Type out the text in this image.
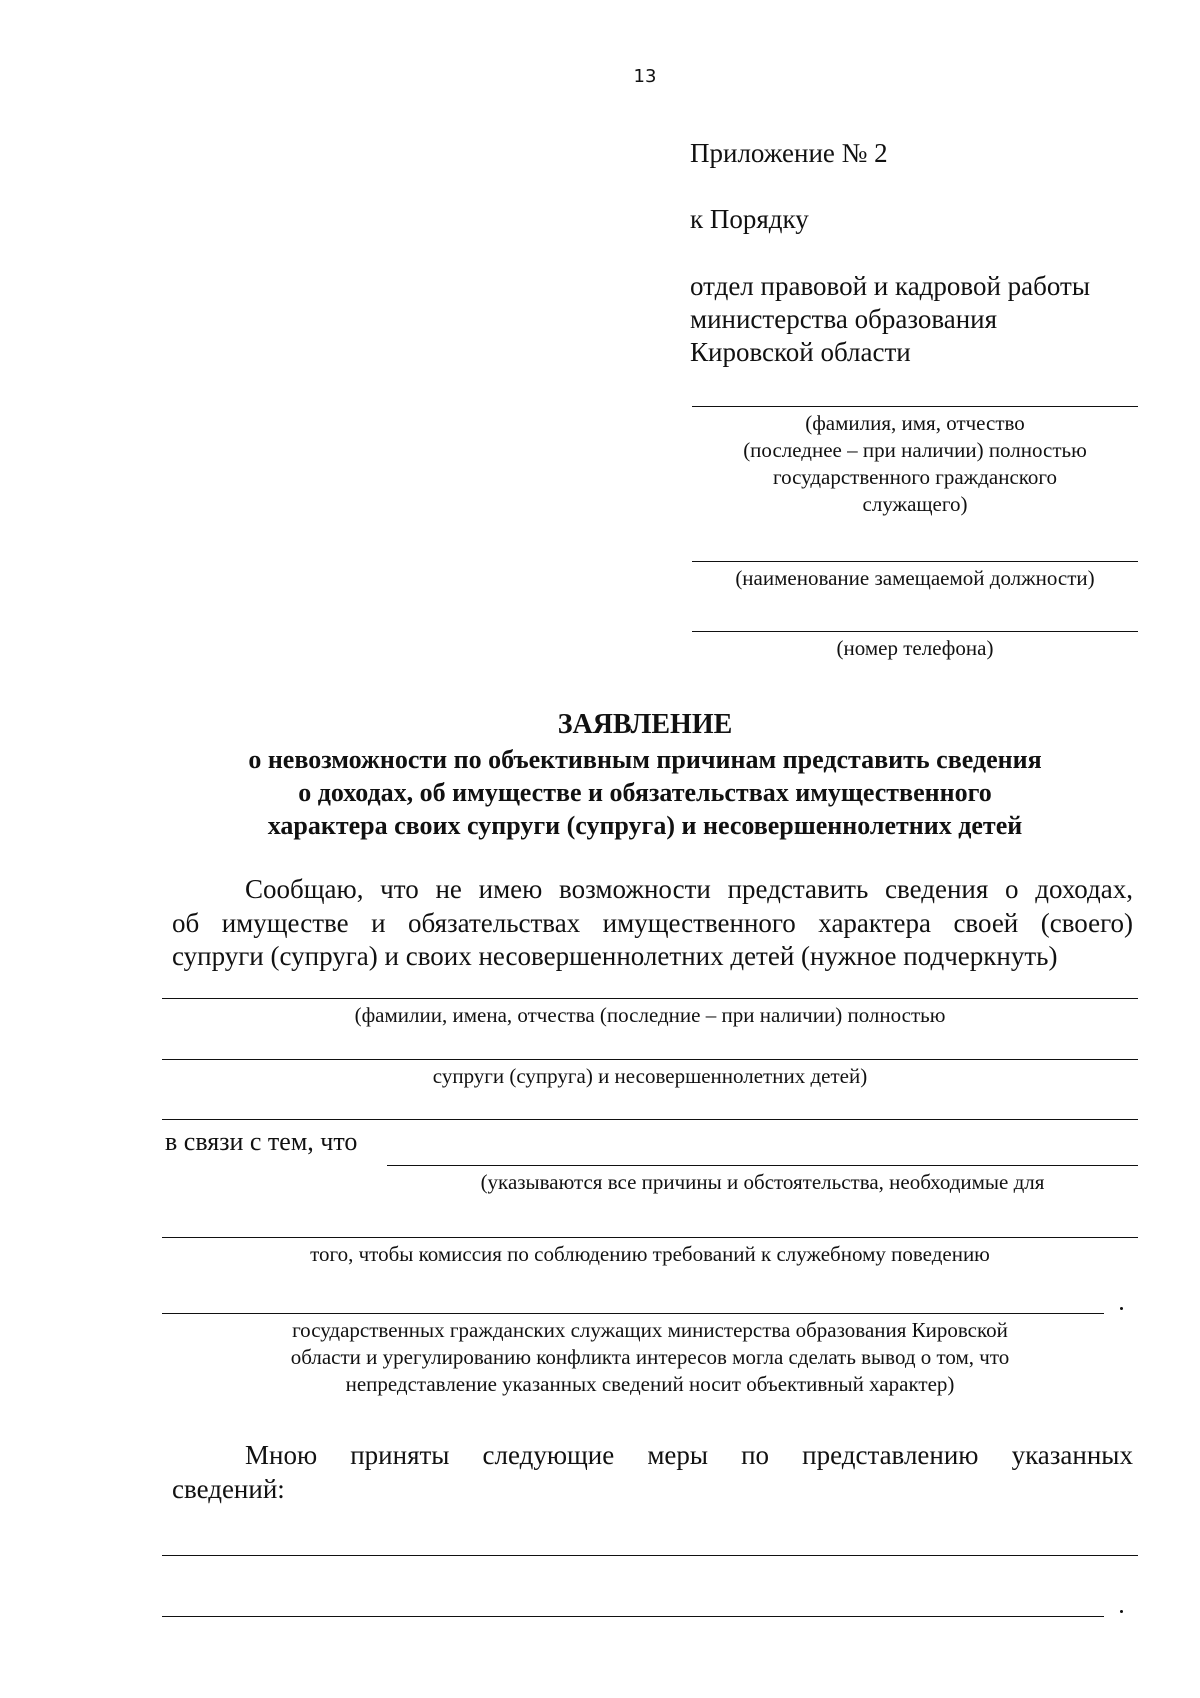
13
Приложение № 2
к Порядку
отдел правовой и кадровой работы
министерства образования
Кировской области
(фамилия, имя, отчество
(последнее – при наличии) полностью
государственного гражданского
служащего)
(наименование замещаемой должности)
(номер телефона)
ЗАЯВЛЕНИЕ
о невозможности по объективным причинам представить сведения
о доходах, об имуществе и обязательствах имущественного
характера своих супруги (супруга) и несовершеннолетних детей
Сообщаю, что не имею возможности представить сведения о доходах,
об имуществе и обязательствах имущественного характера своей (своего)
супруги (супруга) и своих несовершеннолетних детей (нужное подчеркнуть)
(фамилии, имена, отчества (последние – при наличии) полностью
супруги (супруга) и несовершеннолетних детей)
в связи с тем, что
(указываются все причины и обстоятельства, необходимые для
того, чтобы комиссия по соблюдению требований к служебному поведению
государственных гражданских служащих министерства образования Кировской
области и урегулированию конфликта интересов могла сделать вывод о том, что
непредставление указанных сведений носит объективный характер)
Мною приняты следующие меры по представлению указанных
сведений:
